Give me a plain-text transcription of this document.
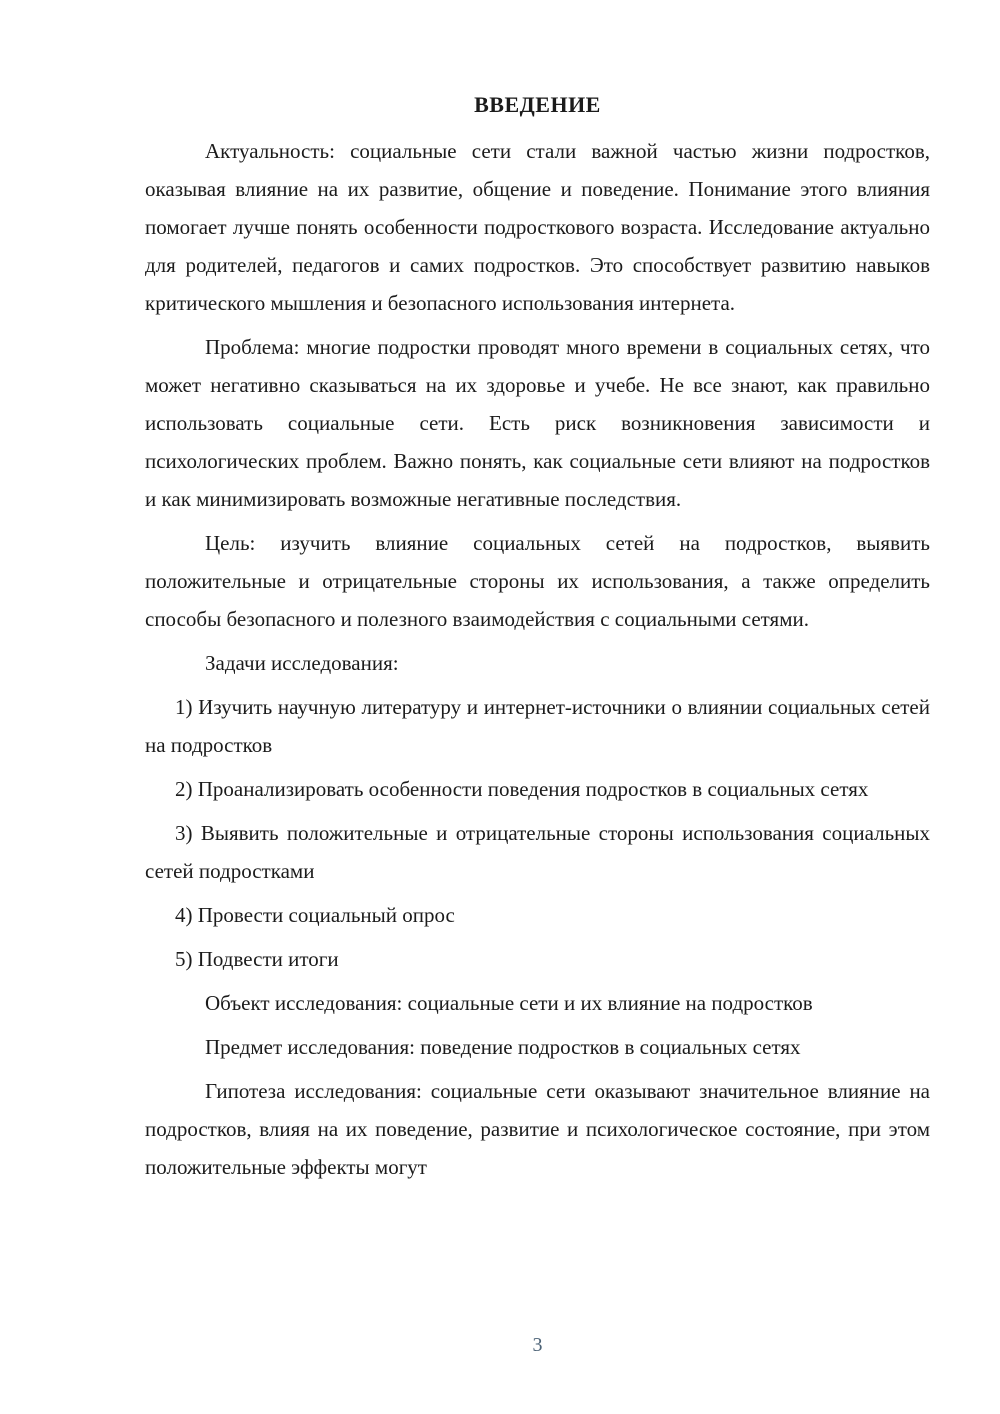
ВВЕДЕНИЕ

Актуальность: социальные сети стали важной частью жизни подростков, оказывая влияние на их развитие, общение и поведение. Понимание этого влияния помогает лучше понять особенности подросткового возраста. Исследование актуально для родителей, педагогов и самих подростков. Это способствует развитию навыков критического мышления и безопасного использования интернета.

Проблема: многие подростки проводят много времени в социальных сетях, что может негативно сказываться на их здоровье и учебе. Не все знают, как правильно использовать социальные сети. Есть риск возникновения зависимости и психологических проблем. Важно понять, как социальные сети влияют на подростков и как минимизировать возможные негативные последствия.

Цель: изучить влияние социальных сетей на подростков, выявить положительные и отрицательные стороны их использования, а также определить способы безопасного и полезного взаимодействия с социальными сетями.

Задачи исследования:

1) Изучить научную литературу и интернет-источники о влиянии социальных сетей на подростков

2) Проанализировать особенности поведения подростков в социальных сетях

3) Выявить положительные и отрицательные стороны использования социальных сетей подростками

4) Провести социальный опрос

5) Подвести итоги

Объект исследования: социальные сети и их влияние на подростков

Предмет исследования: поведение подростков в социальных сетях

Гипотеза исследования: социальные сети оказывают значительное влияние на подростков, влияя на их поведение, развитие и психологическое состояние, при этом положительные эффекты могут

3
